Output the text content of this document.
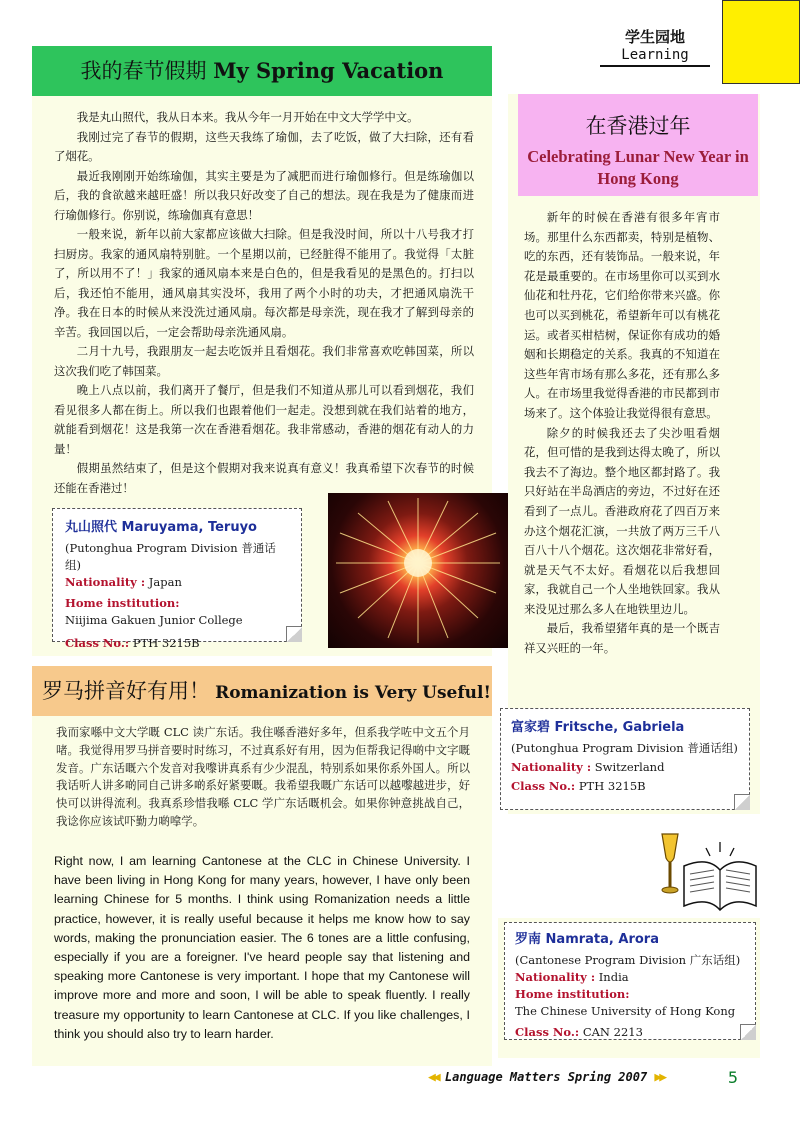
学生园地
Learning
我的春节假期 My Spring Vacation

我是丸山照代，我从日本来。我从今年一月开始在中文大学学中文。

我刚过完了春节的假期，这些天我练了瑜伽，去了吃饭，做了大扫除，还有看了烟花。

最近我刚刚开始练瑜伽，其实主要是为了减肥而进行瑜伽修行。但是练瑜伽以后，我的食欲越来越旺盛！所以我只好改变了自己的想法。现在我是为了健康而进行瑜伽修行。你别说，练瑜伽真有意思！

一般来说，新年以前大家都应该做大扫除。但是我没时间，所以十八号我才打扫厨房。我家的通风扇特别脏。一个星期以前，已经脏得不能用了。我觉得「太脏了，所以用不了！」我家的通风扇本来是白色的，但是我看见的是黑色的。打扫以后，我还怕不能用，通风扇其实没坏，我用了两个小时的功夫，才把通风扇洗干净。我在日本的时候从来没洗过通风扇。每次都是母亲洗，现在我才了解到母亲的辛苦。我回国以后，一定会帮助母亲洗通风扇。

二月十九号，我跟朋友一起去吃饭并且看烟花。我们非常喜欢吃韩国菜，所以这次我们吃了韩国菜。

晚上八点以前，我们离开了餐厅，但是我们不知道从那儿可以看到烟花，我们看见很多人都在街上。所以我们也跟着他们一起走。没想到就在我们站着的地方，就能看到烟花！这是我第一次在香港看烟花。我非常感动，香港的烟花有动人的力量！

假期虽然结束了，但是这个假期对我来说真有意义！我真希望下次春节的时候还能在香港过！

丸山照代 Maruyama, Teruyo
(Putonghua Program Division 普通话组)
Nationality : Japan
Home institution:
Niijima Gakuen Junior College
Class No.: PTH 3215B
罗马拼音好有用！ Romanization is Very Useful!
我而家喺中文大学嘅 CLC 读广东话。我住喺香港好多年，但系我学咗中文五个月啫。我觉得用罗马拼音要时时练习，不过真系好有用，因为佢帮我记得啲中文字嘅发音。广东话嘅六个发音对我嚟讲真系有少少混乱，特别系如果你系外国人。所以我话听人讲多啲同自己讲多啲系好紧要嘅。我希望我嘅广东话可以越嚟越进步，好快可以讲得流利。我真系珍惜我喺 CLC 学广东话嘅机会。如果你钟意挑战自己，我谂你应该试吓勤力啲嗱学。
Right now, I am learning Cantonese at the CLC in Chinese University. I have been living in Hong Kong for many years, however, I have only been learning Chinese for 5 months. I think using Romanization needs a little practice, however, it is really useful because it helps me know how to say words, making the pronunciation easier. The 6 tones are a little confusing, especially if you are a foreigner. I've heard people say that listening and speaking more Cantonese is very important. I hope that my Cantonese will improve more and more and soon, I will be able to speak fluently. I really treasure my opportunity to learn Cantonese at CLC. If you like challenges, I think you should also try to learn harder.
在香港过年
Celebrating Lunar New Year in Hong Kong

新年的时候在香港有很多年宵市场。那里什么东西都卖，特别是植物、吃的东西，还有装饰品。一般来说，年花是最重要的。在市场里你可以买到水仙花和牡丹花，它们给你带来兴盛。你也可以买到桃花，希望新年可以有桃花运。或者买柑桔树，保证你有成功的婚姻和长期稳定的关系。我真的不知道在这些年宵市场有那么多花，还有那么多人。在市场里我觉得香港的市民都到市场来了。这个体验让我觉得很有意思。

除夕的时候我还去了尖沙咀看烟花，但可惜的是我到达得太晚了，所以我去不了海边。整个地区都封路了。我只好站在半岛酒店的旁边，不过好在还看到了一点儿。香港政府花了四百万来办这个烟花汇演，一共放了两万三千八百八十八个烟花。这次烟花非常好看，就是天气不太好。看烟花以后我想回家，我就自己一个人坐地铁回家。我从来没见过那么多人在地铁里边儿。

最后，我希望猪年真的是一个既吉祥又兴旺的一年。

富家碧 Fritsche, Gabriela
(Putonghua Program Division 普通话组)
Nationality : Switzerland
Class No.: PTH 3215B
罗南 Namrata, Arora
(Cantonese Program Division 广东话组)
Nationality : India
Home institution:
The Chinese University of Hong Kong
Class No.: CAN 2213
◀◀ Language Matters Spring 2007 ▶▶	5
